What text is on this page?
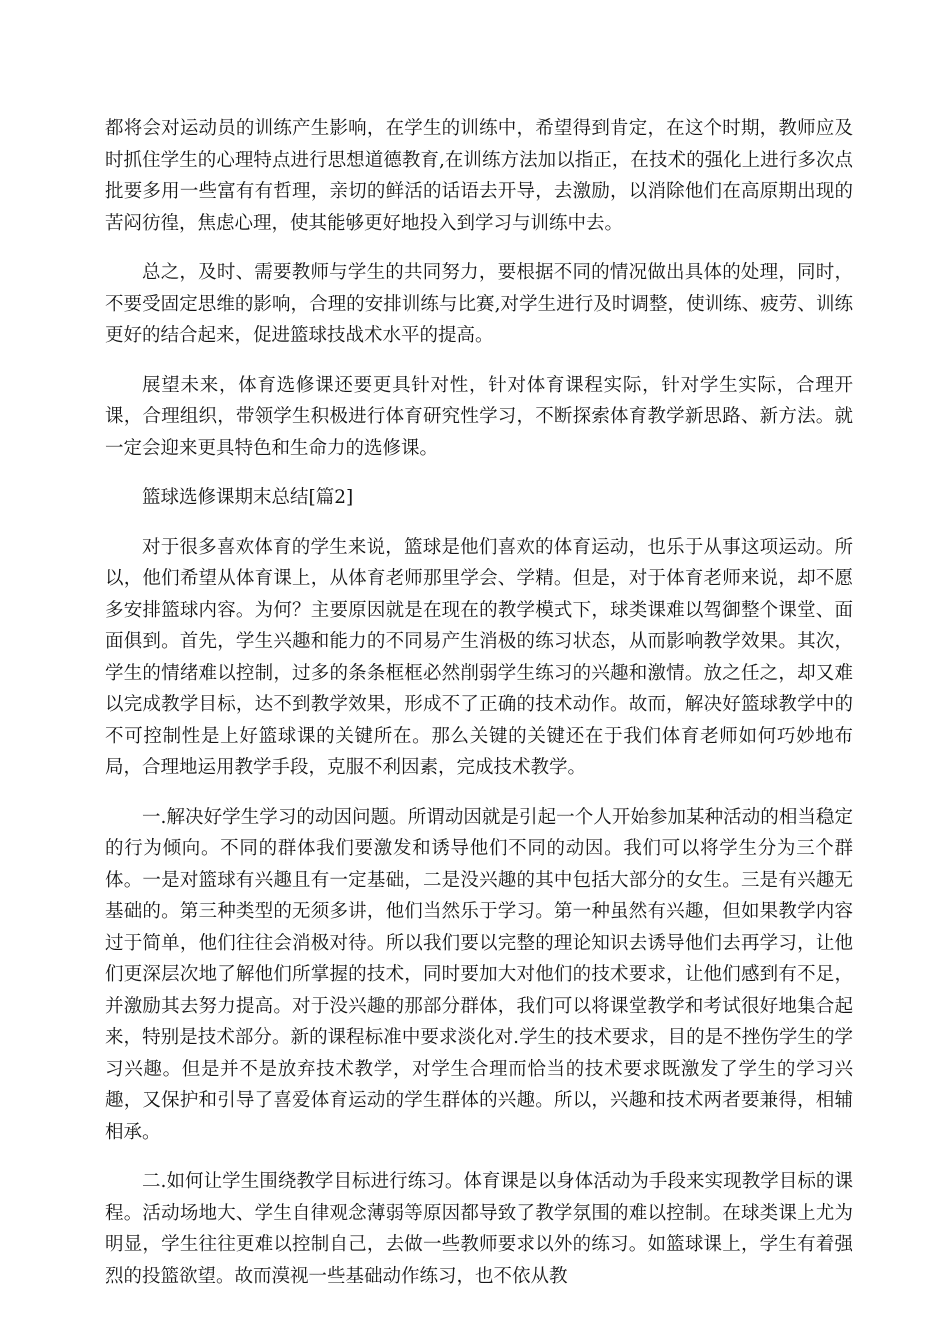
都将会对运动员的训练产生影响，在学生的训练中，希望得到肯定，在这个时期，教师应及时抓住学生的心理特点进行思想道德教育,在训练方法加以指正，在技术的强化上进行多次点批要多用一些富有有哲理，亲切的鲜活的话语去开导，去激励，以消除他们在高原期出现的苦闷彷徨，焦虑心理，使其能够更好地投入到学习与训练中去。

总之，及时、需要教师与学生的共同努力，要根据不同的情况做出具体的处理，同时，不要受固定思维的影响，合理的安排训练与比赛,对学生进行及时调整，使训练、疲劳、训练更好的结合起来，促进篮球技战术水平的提高。

展望未来，体育选修课还要更具针对性，针对体育课程实际，针对学生实际，合理开课，合理组织，带领学生积极进行体育研究性学习，不断探索体育教学新思路、新方法。就一定会迎来更具特色和生命力的选修课。

篮球选修课期末总结[篇2]

对于很多喜欢体育的学生来说，篮球是他们喜欢的体育运动，也乐于从事这项运动。所以，他们希望从体育课上，从体育老师那里学会、学精。但是，对于体育老师来说，却不愿多安排篮球内容。为何？主要原因就是在现在的教学模式下，球类课难以驾御整个课堂、面面俱到。首先，学生兴趣和能力的不同易产生消极的练习状态，从而影响教学效果。其次，学生的情绪难以控制，过多的条条框框必然削弱学生练习的兴趣和激情。放之任之，却又难以完成教学目标，达不到教学效果，形成不了正确的技术动作。故而，解决好篮球教学中的不可控制性是上好篮球课的关键所在。那么关键的关键还在于我们体育老师如何巧妙地布局，合理地运用教学手段，克服不利因素，完成技术教学。

一.解决好学生学习的动因问题。所谓动因就是引起一个人开始参加某种活动的相当稳定的行为倾向。不同的群体我们要激发和诱导他们不同的动因。我们可以将学生分为三个群体。一是对篮球有兴趣且有一定基础，二是没兴趣的其中包括大部分的女生。三是有兴趣无基础的。第三种类型的无须多讲，他们当然乐于学习。第一种虽然有兴趣，但如果教学内容过于简单，他们往往会消极对待。所以我们要以完整的理论知识去诱导他们去再学习，让他们更深层次地了解他们所掌握的技术，同时要加大对他们的技术要求，让他们感到有不足，并激励其去努力提高。对于没兴趣的那部分群体，我们可以将课堂教学和考试很好地集合起来，特别是技术部分。新的课程标准中要求淡化对.学生的技术要求，目的是不挫伤学生的学习兴趣。但是并不是放弃技术教学，对学生合理而恰当的技术要求既激发了学生的学习兴趣，又保护和引导了喜爱体育运动的学生群体的兴趣。所以，兴趣和技术两者要兼得，相辅相承。

二.如何让学生围绕教学目标进行练习。体育课是以身体活动为手段来实现教学目标的课程。活动场地大、学生自律观念薄弱等原因都导致了教学氛围的难以控制。在球类课上尤为明显，学生往往更难以控制自己，去做一些教师要求以外的练习。如篮球课上，学生有着强烈的投篮欲望。故而漠视一些基础动作练习，也不依从教
